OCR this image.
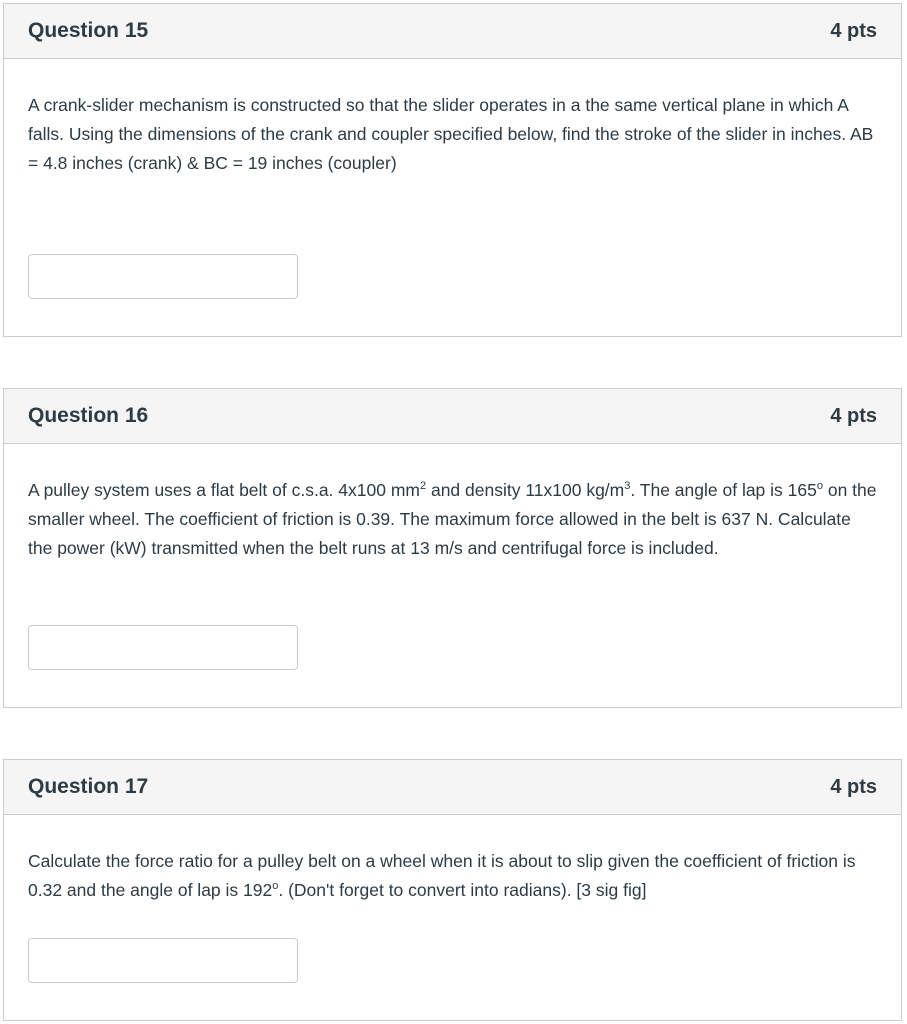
Question 15	4 pts

A crank-slider mechanism is constructed so that the slider operates in a the same vertical plane in which A falls. Using the dimensions of the crank and coupler specified below, find the stroke of the slider in inches. AB = 4.8 inches (crank) & BC = 19 inches (coupler)

Question 16	4 pts

A pulley system uses a flat belt of c.s.a. 4x100 $mm^2$ and density 11x100 $kg/m^3$. The angle of lap is 165$^o$ on the smaller wheel. The coefficient of friction is 0.39. The maximum force allowed in the belt is 637 N. Calculate the power (kW) transmitted when the belt runs at 13 m/s and centrifugal force is included.

Question 17	4 pts

Calculate the force ratio for a pulley belt on a wheel when it is about to slip given the coefficient of friction is 0.32 and the angle of lap is 192$^o$. (Don't forget to convert into radians). [3 sig fig]
